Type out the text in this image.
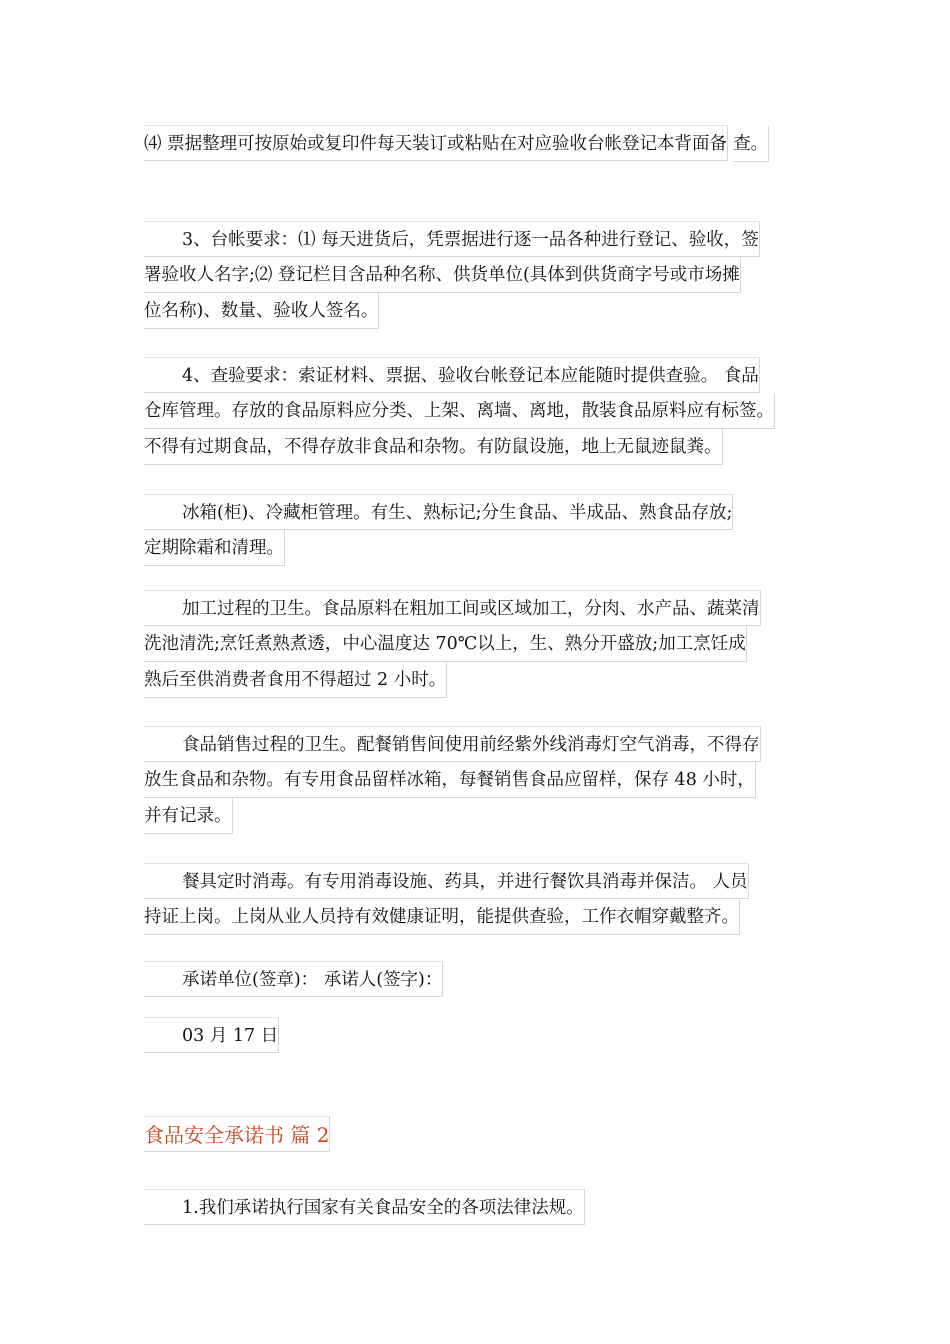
⑷ 票据整理可按原始或复印件每天装订或粘贴在对应验收台帐登记本背面备 查。
3、台帐要求：⑴ 每天进货后，凭票据进行逐一品各种进行登记、验收，签 署验收人名字;⑵ 登记栏目含品种名称、供货单位(具体到供货商字号或市场摊 位名称)、数量、验收人签名。
4、查验要求：索证材料、票据、验收台帐登记本应能随时提供查验。 食品 仓库管理。存放的食品原料应分类、上架、离墙、离地，散装食品原料应有标签。 不得有过期食品，不得存放非食品和杂物。有防鼠设施，地上无鼠迹鼠粪。
冰箱(柜)、冷藏柜管理。有生、熟标记;分生食品、半成品、熟食品存放; 定期除霜和清理。
加工过程的卫生。食品原料在粗加工间或区域加工，分肉、水产品、蔬菜清 洗池清洗;烹饪煮熟煮透，中心温度达 70℃以上，生、熟分开盛放;加工烹饪成 熟后至供消费者食用不得超过 2 小时。
食品销售过程的卫生。配餐销售间使用前经紫外线消毒灯空气消毒，不得存 放生食品和杂物。有专用食品留样冰箱，每餐销售食品应留样，保存 48 小时， 并有记录。
餐具定时消毒。有专用消毒设施、药具，并进行餐饮具消毒并保洁。 人员 持证上岗。上岗从业人员持有效健康证明，能提供查验，工作衣帽穿戴整齐。
承诺单位(签章)： 承诺人(签字)：
03 月 17 日
食品安全承诺书 篇 2
1.我们承诺执行国家有关食品安全的各项法律法规。
